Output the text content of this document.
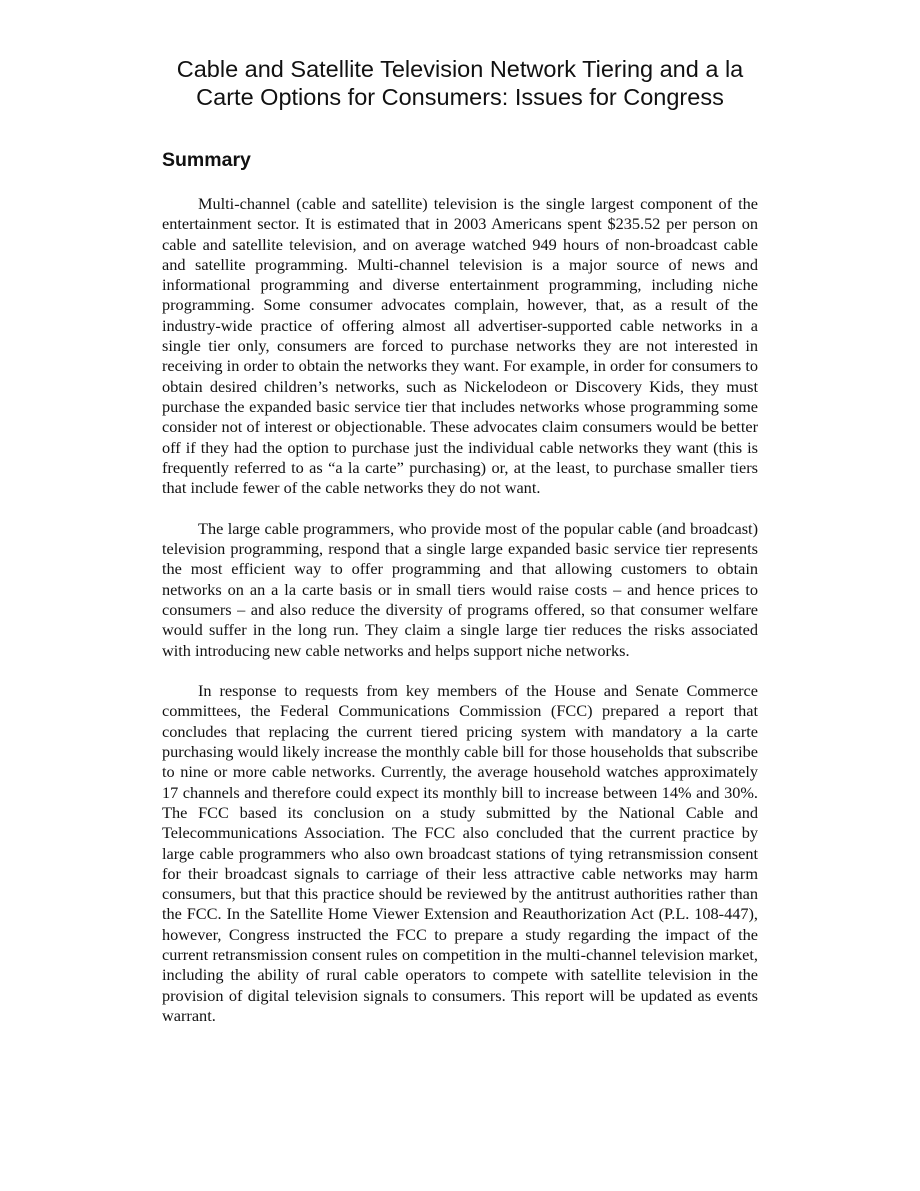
Cable and Satellite Television Network Tiering and a la Carte Options for Consumers: Issues for Congress
Summary

Multi-channel (cable and satellite) television is the single largest component of the entertainment sector. It is estimated that in 2003 Americans spent $235.52 per person on cable and satellite television, and on average watched 949 hours of non-broadcast cable and satellite programming. Multi-channel television is a major source of news and informational programming and diverse entertainment programming, including niche programming. Some consumer advocates complain, however, that, as a result of the industry-wide practice of offering almost all advertiser-supported cable networks in a single tier only, consumers are forced to purchase networks they are not interested in receiving in order to obtain the networks they want. For example, in order for consumers to obtain desired children’s networks, such as Nickelodeon or Discovery Kids, they must purchase the expanded basic service tier that includes networks whose programming some consider not of interest or objectionable. These advocates claim consumers would be better off if they had the option to purchase just the individual cable networks they want (this is frequently referred to as “a la carte” purchasing) or, at the least, to purchase smaller tiers that include fewer of the cable networks they do not want.

The large cable programmers, who provide most of the popular cable (and broadcast) television programming, respond that a single large expanded basic service tier represents the most efficient way to offer programming and that allowing customers to obtain networks on an a la carte basis or in small tiers would raise costs – and hence prices to consumers – and also reduce the diversity of programs offered, so that consumer welfare would suffer in the long run. They claim a single large tier reduces the risks associated with introducing new cable networks and helps support niche networks.

In response to requests from key members of the House and Senate Commerce committees, the Federal Communications Commission (FCC) prepared a report that concludes that replacing the current tiered pricing system with mandatory a la carte purchasing would likely increase the monthly cable bill for those households that subscribe to nine or more cable networks. Currently, the average household watches approximately 17 channels and therefore could expect its monthly bill to increase between 14% and 30%. The FCC based its conclusion on a study submitted by the National Cable and Telecommunications Association. The FCC also concluded that the current practice by large cable programmers who also own broadcast stations of tying retransmission consent for their broadcast signals to carriage of their less attractive cable networks may harm consumers, but that this practice should be reviewed by the antitrust authorities rather than the FCC. In the Satellite Home Viewer Extension and Reauthorization Act (P.L. 108-447), however, Congress instructed the FCC to prepare a study regarding the impact of the current retransmission consent rules on competition in the multi-channel television market, including the ability of rural cable operators to compete with satellite television in the provision of digital television signals to consumers. This report will be updated as events warrant.
